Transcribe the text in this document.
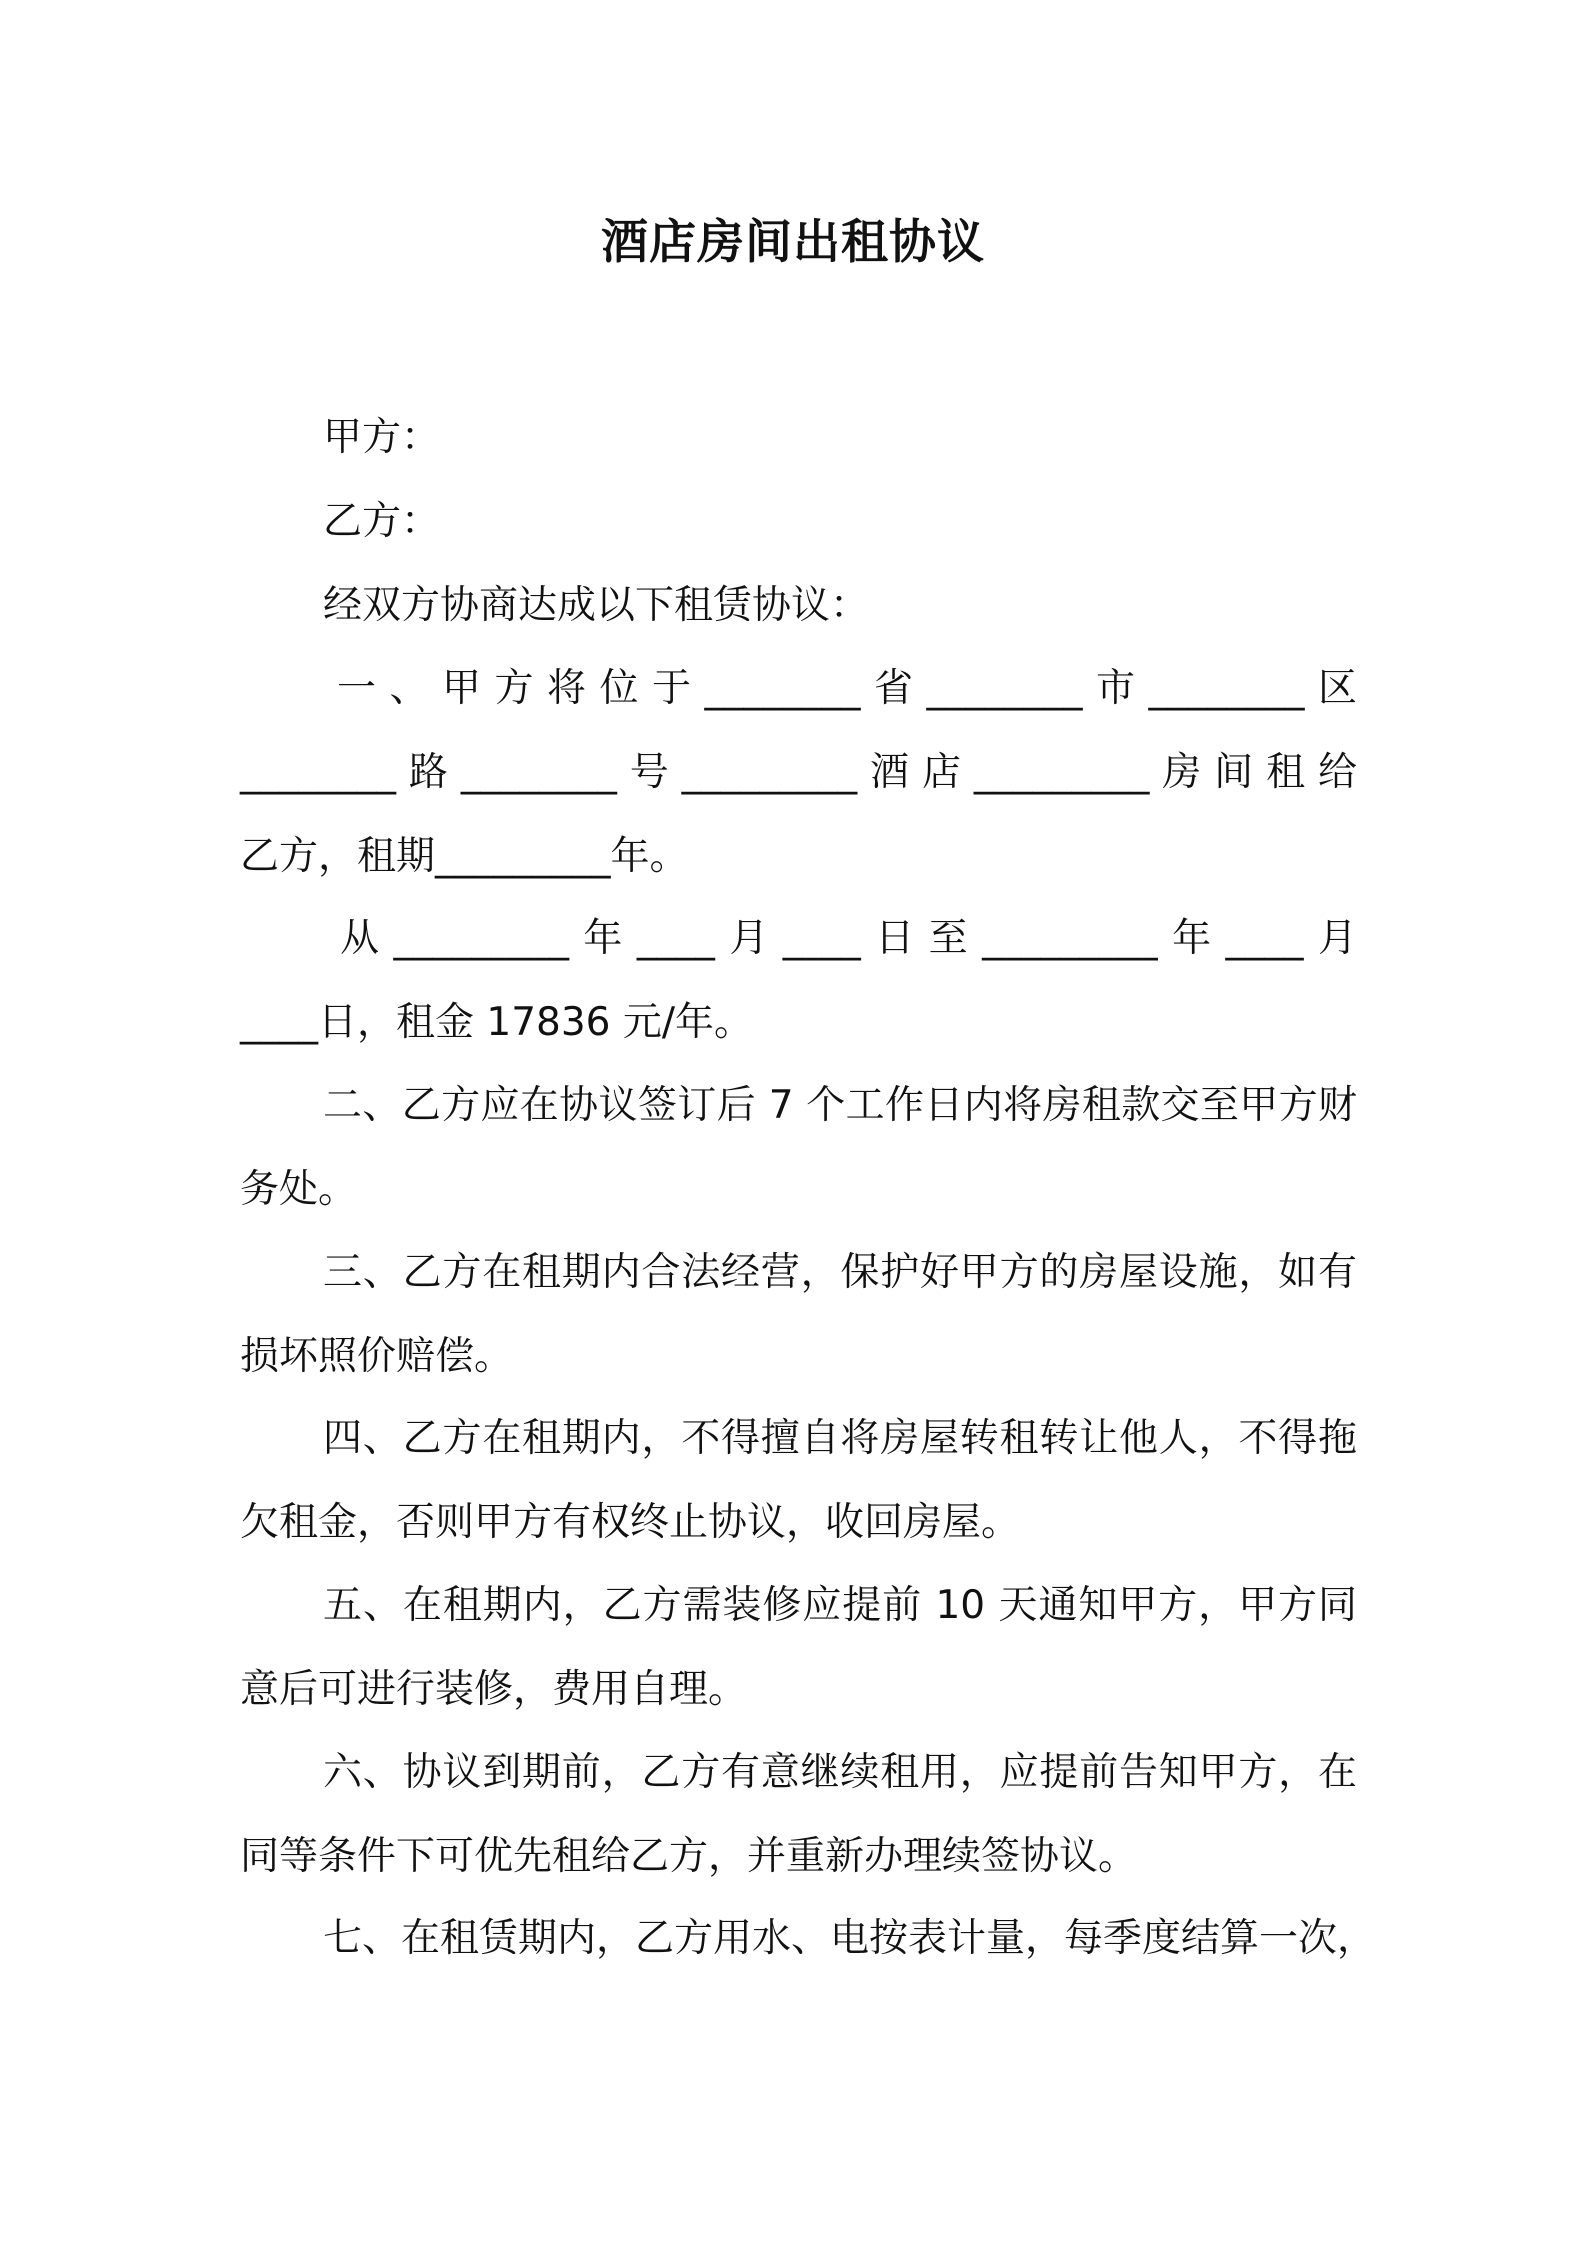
酒店房间出租协议
甲方：
乙方：
经双方协商达成以下租赁协议：
一、甲方将位于________省________市________区
________路________号_________酒店_________房间租给
乙方，租期_________年。
从_________年____月____日至_________年____月
____日，租金 17836 元/年。
二、乙方应在协议签订后 7 个工作日内将房租款交至甲方财
务处。
三、乙方在租期内合法经营，保护好甲方的房屋设施，如有
损坏照价赔偿。
四、乙方在租期内，不得擅自将房屋转租转让他人，不得拖
欠租金，否则甲方有权终止协议，收回房屋。
五、在租期内，乙方需装修应提前 10 天通知甲方，甲方同
意后可进行装修，费用自理。
六、协议到期前，乙方有意继续租用，应提前告知甲方，在
同等条件下可优先租给乙方，并重新办理续签协议。
七、在租赁期内，乙方用水、电按表计量，每季度结算一次，
